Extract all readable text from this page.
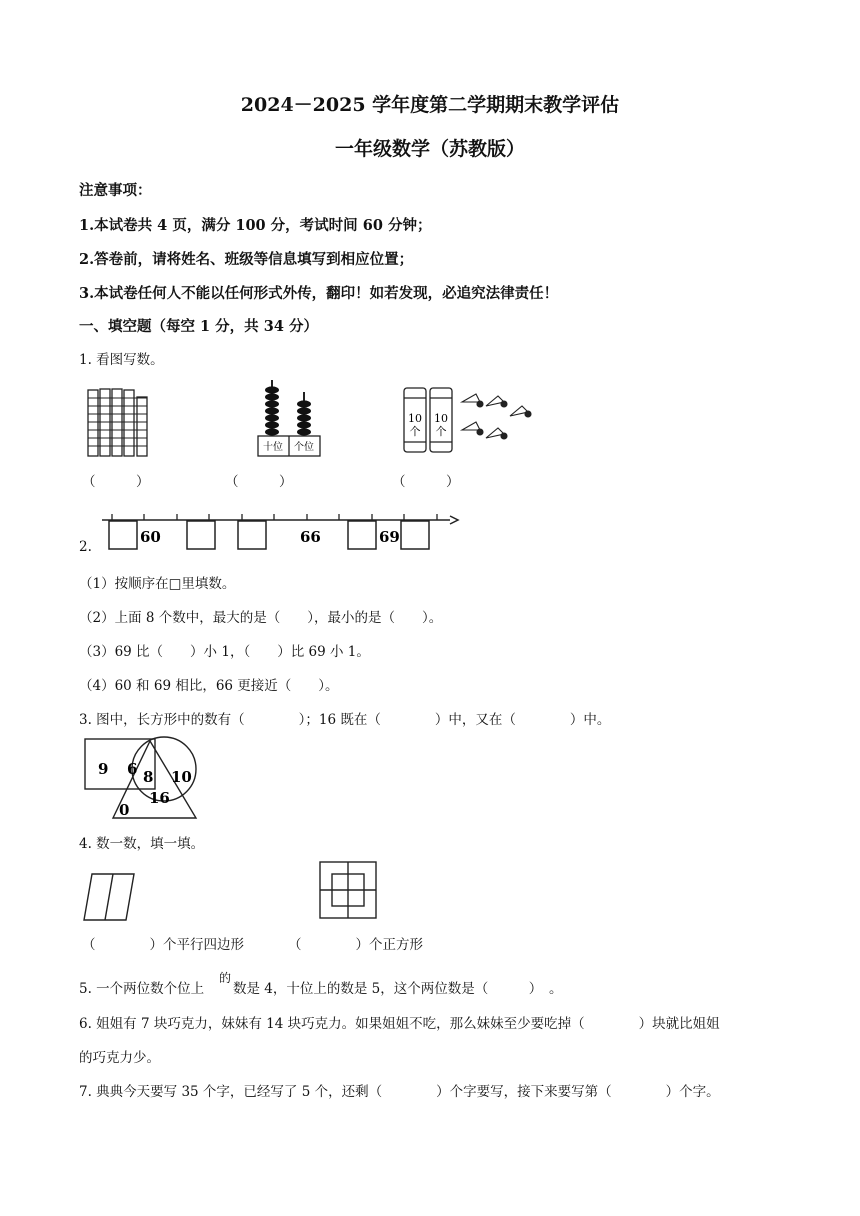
2024－2025 学年度第二学期期末教学评估
一年级数学（苏教版）
注意事项：
1.本试卷共 4 页，满分 100 分，考试时间 60 分钟；
2.答卷前，请将姓名、班级等信息填写到相应位置；
3.本试卷任何人不能以任何形式外传，翻印！如若发现，必追究法律责任！
一、填空题（每空 1 分，共 34 分）
1. 看图写数。
十位 个位
10
个
10
个
（　　　）	（　　　）	（　　　）
2.
60	66	69
（1）按顺序在□里填数。
（2）上面 8 个数中，最大的是（　　），最小的是（　　）。
（3）69 比（　　）小 1，（　　）比 69 小 1。
（4）60 和 69 相比，66 更接近（　　）。
3. 图中，长方形中的数有（　　　　）；16 既在（　　　　）中，又在（　　　　）中。
9 6 8 10
16
0
4. 数一数，填一填。
（　　　　）个平行四边形	（　　　　）个正方形
5. 一个两位数个位上
的
数是 4，十位上的数是 5，这个两位数是（　　　）　。
6. 姐姐有 7 块巧克力，妹妹有 14 块巧克力。如果姐姐不吃，那么妹妹至少要吃掉（　　　　）块就比姐姐
的巧克力少。
7. 典典今天要写 35 个字，已经写了 5 个，还剩（　　　　）个字要写，接下来要写第（　　　　）个字。
